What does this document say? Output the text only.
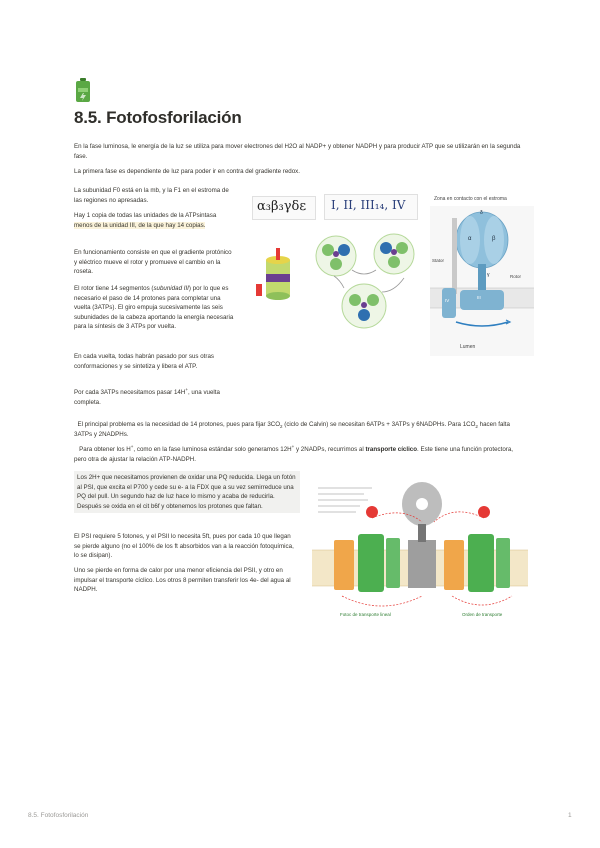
8.5. Fotofosforilación

En la fase luminosa, le energía de la luz se utiliza para mover electrones del H2O al NADP+ y obtener NADPH y para producir ATP que se utilizarán en la segunda fase.

La primera fase es dependiente de luz para poder ir en contra del gradiente redox.

La subunidad F0 está en la mb, y la F1 en el estroma de las regiones no apresadas.

Hay 1 copia de todas las unidades de la ATPsintasa menos de la unidad III, de la que hay 14 copias.

En funcionamiento consiste en que el gradiente protónico y eléctrico mueve el rotor y promueve el cambio en la roseta.

El rotor tiene 14 segmentos (subunidad III) por lo que es necesario el paso de 14 protones para completar una vuelta (3ATPs). El giro empuja sucesivamente las seis subunidades de la cabeza aportando la energía necesaria para la síntesis de 3 ATPs por vuelta.

En cada vuelta, todas habrán pasado por sus otras conformaciones y se sintetiza y libera el ATP.

Por cada 3ATPs necesitamos pasar 14H+, una vuelta completa.

α₃β₃γδε I, II, III₁₄, IV	Zona en contacto con el estroma
Stator
Rotor
α	β
γ
δ
III
IV
Lumen

El principal problema es la necesidad de 14 protones, pues para fijar $3CO_2$ (ciclo de Calvin) se necesitan 6ATPs + 3ATPs y 6NADPHs. Para $1CO_2$ hacen falta 3ATPs y 2NADPHs.

Para obtener los H+, como en la fase luminosa estándar solo generamos 12H+ y 2NADPs, recurrimos al transporte cíclico. Este tiene una función protectora, pero otra de ajustar la relación ATP-NADPH.

Los 2H+ que necesitamos provienen de oxidar una PQ reducida. Llega un fotón al PSI, que excita el P700 y cede su e- a la FDX que a su vez semirreduce una PQ del pull. Un segundo haz de luz hace lo mismo y acaba de reducirla. Después se oxida en el cit b6f y obtenemos los protones que faltan.

El PSI requiere 5 fotones, y el PSII lo necesita 5ft, pues por cada 10 que llegan se pierde alguno (no el 100% de los ft absorbidos van a la reacción fotoquímica, lo se disipan).

Uno se pierde en forma de calor por una menor eficiencia del PSII, y otro en impulsar el transporte cíclico. Los otros 8 permiten transferir los 4e- del agua al NADPH.

Fotoc de transporte lineal	Orden de transporte
8.5. Fotofosforilación	1
